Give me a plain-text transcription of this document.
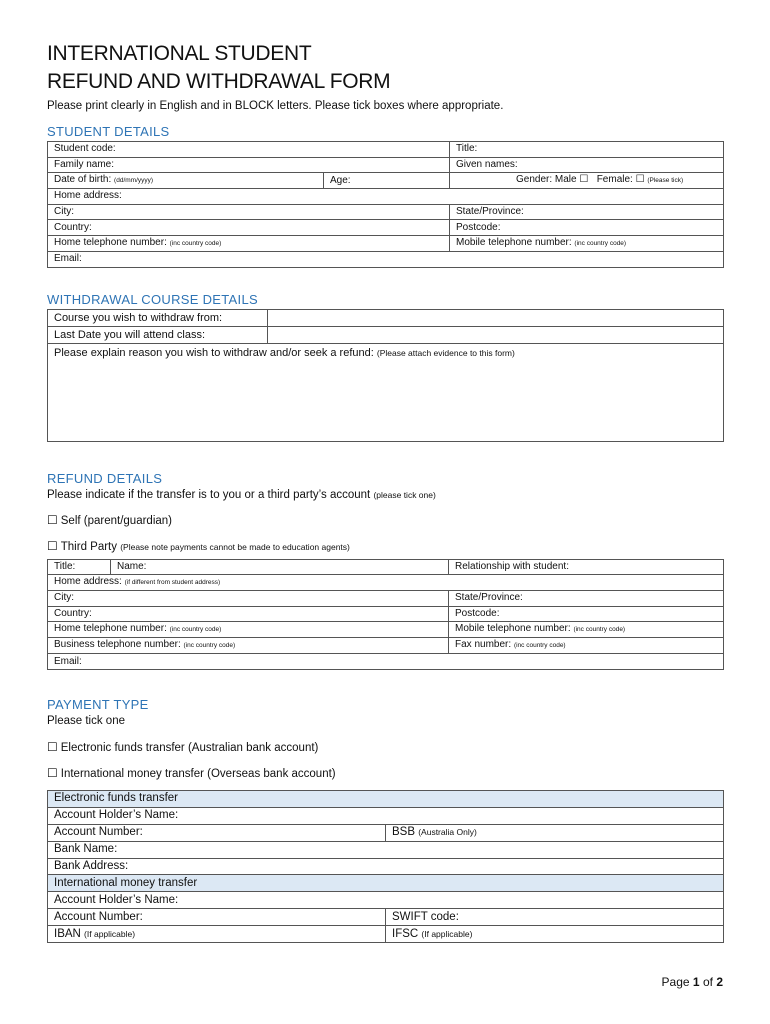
INTERNATIONAL STUDENT
REFUND AND WITHDRAWAL FORM
Please print clearly in English and in BLOCK letters. Please tick boxes where appropriate.
STUDENT DETAILS
Student code:		Title:
Family name:		Given names:
Date of birth: (dd/mm/yyyy)	Age:	Gender: Male ☐ Female: ☐ (Please tick)
Home address:		
City:		State/Province:
Country:		Postcode:
Home telephone number: (inc country code)		Mobile telephone number: (inc country code)
Email:		
WITHDRAWAL COURSE DETAILS
Course you wish to withdraw from:	
Last Date you will attend class:	
Please explain reason you wish to withdraw and/or seek a refund: (Please attach evidence to this form)	
REFUND DETAILS
Please indicate if the transfer is to you or a third party’s account (please tick one)
☐ Self (parent/guardian)
☐ Third Party (Please note payments cannot be made to education agents)
Title:	Name:	Relationship with student:
Home address: (if different from student address)		
City:		State/Province:
Country:		Postcode:
Home telephone number: (inc country code)		Mobile telephone number: (inc country code)
Business telephone number: (inc country code)		Fax number: (inc country code)
Email:		
PAYMENT TYPE
Please tick one
☐ Electronic funds transfer (Australian bank account)
☐ International money transfer (Overseas bank account)
Electronic funds transfer	
Account Holder’s Name:	
Account Number:	BSB (Australia Only)
Bank Name:	
Bank Address:	
International money transfer	
Account Holder’s Name:	
Account Number:	SWIFT code:
IBAN (If applicable)	IFSC (If applicable)
Page 1 of 2
